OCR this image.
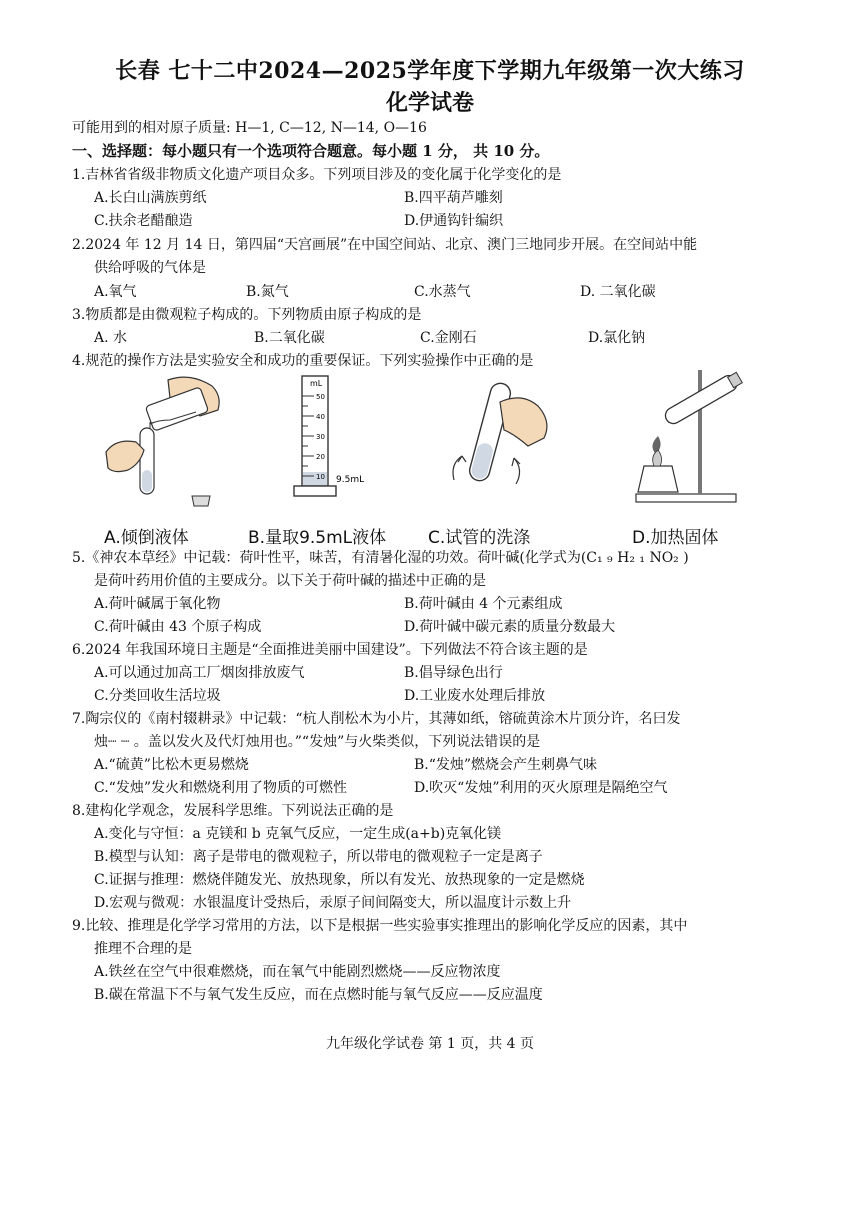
长春 七十二中2024—2025学年度下学期九年级第一次大练习
化学试卷
可能用到的相对原子质量: H—1, C—12, N—14, O—16
一、选择题：每小题只有一个选项符合题意。每小题 1 分， 共 10 分。
1.吉林省省级非物质文化遗产项目众多。下列项目涉及的变化属于化学变化的是
A.长白山满族剪纸	B.四平葫芦雕刻
C.扶余老醋酿造	D.伊通钩针编织
2.2024 年 12 月 14 日，第四届“天宫画展”在中国空间站、北京、澳门三地同步开展。在空间站中能
供给呼吸的气体是
A.氧气	B.氮气	C.水蒸气	D. 二氧化碳
3.物质都是由微观粒子构成的。下列物质由原子构成的是
A. 水	B.二氧化碳	C.金刚石	D.氯化钠
4.规范的操作方法是实验安全和成功的重要保证。下列实验操作中正确的是
mL
50
40
30
20
10 9.5mL
A.倾倒液体	B.量取9.5mL液体 C.试管的洗涤	D.加热固体
5.《神农本草经》中记载：荷叶性平，味苦，有清暑化湿的功效。荷叶碱(化学式为(C₁ ₉ H₂ ₁ NO₂ )
是荷叶药用价值的主要成分。以下关于荷叶碱的描述中正确的是
A.荷叶碱属于氧化物	B.荷叶碱由 4 个元素组成
C.荷叶碱由 43 个原子构成	D.荷叶碱中碳元素的质量分数最大
6.2024 年我国环境日主题是“全面推进美丽中国建设”。下列做法不符合该主题的是
A.可以通过加高工厂烟囱排放废气	B.倡导绿色出行
C.分类回收生活垃圾	D.工业废水处理后排放
7.陶宗仪的《南村辍耕录》中记载：“杭人削松木为小片，其薄如纸，镕硫黄涂木片顶分许，名曰发
烛┈ ┈ 。盖以发火及代灯烛用也。”“发烛”与火柴类似，下列说法错误的是
A.“硫黄”比松木更易燃烧	B.“发烛”燃烧会产生刺鼻气味
C.“发烛”发火和燃烧利用了物质的可燃性	D.吹灭“发烛”利用的灭火原理是隔绝空气
8.建构化学观念，发展科学思维。下列说法正确的是
A.变化与守恒：a 克镁和 b 克氧气反应，一定生成(a+b)克氧化镁
B.模型与认知：离子是带电的微观粒子，所以带电的微观粒子一定是离子
C.证据与推理：燃烧伴随发光、放热现象，所以有发光、放热现象的一定是燃烧
D.宏观与微观：水银温度计受热后，汞原子间间隔变大，所以温度计示数上升
9.比较、推理是化学学习常用的方法，以下是根据一些实验事实推理出的影响化学反应的因素，其中
推理不合理的是
A.铁丝在空气中很难燃烧，而在氧气中能剧烈燃烧——反应物浓度
B.碳在常温下不与氧气发生反应，而在点燃时能与氧气反应——反应温度
九年级化学试卷 第 1 页，共 4 页
